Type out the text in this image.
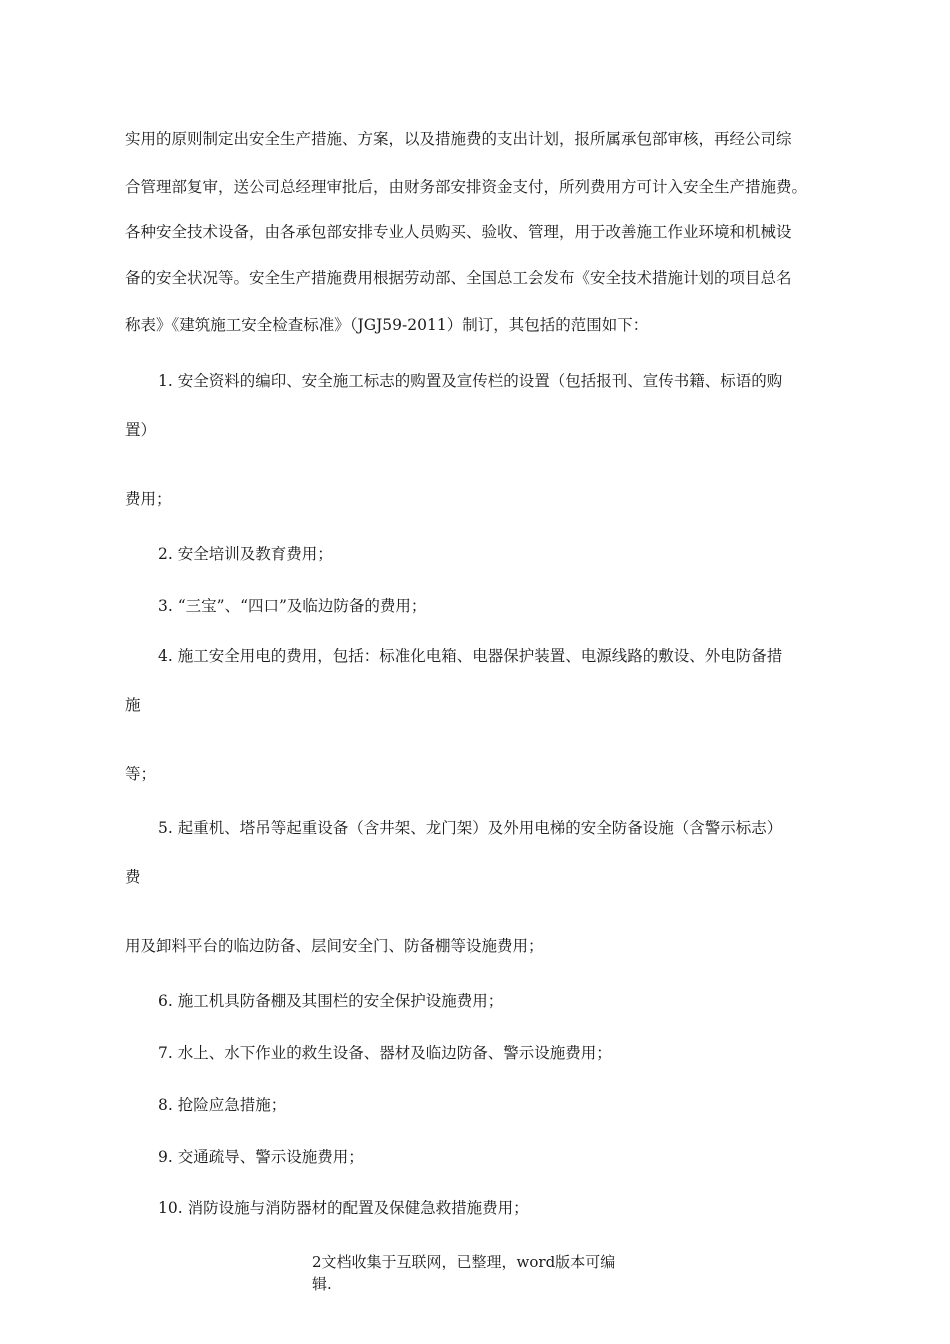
实用的原则制定出安全生产措施、方案，以及措施费的支出计划，报所属承包部审核，再经公司综
合管理部复审，送公司总经理审批后，由财务部安排资金支付，所列费用方可计入安全生产措施费。
各种安全技术设备，由各承包部安排专业人员购买、验收、管理，用于改善施工作业环境和机械设
备的安全状况等。安全生产措施费用根据劳动部、全国总工会发布《安全技术措施计划的项目总名
称表》《建筑施工安全检查标准》（JGJ59-2011）制订，其包括的范围如下：
1. 安全资料的编印、安全施工标志的购置及宣传栏的设置（包括报刊、宣传书籍、标语的购
置）
费用；
2. 安全培训及教育费用；
3. “三宝”、“四口”及临边防备的费用；
4. 施工安全用电的费用，包括：标准化电箱、电器保护装置、电源线路的敷设、外电防备措
施
等；
5. 起重机、塔吊等起重设备（含井架、龙门架）及外用电梯的安全防备设施（含警示标志）
费
用及卸料平台的临边防备、层间安全门、防备棚等设施费用；
6. 施工机具防备棚及其围栏的安全保护设施费用；
7. 水上、水下作业的救生设备、器材及临边防备、警示设施费用；
8. 抢险应急措施；
9. 交通疏导、警示设施费用；
10. 消防设施与消防器材的配置及保健急救措施费用；
2文档收集于互联网，已整理，word版本可编
辑.
